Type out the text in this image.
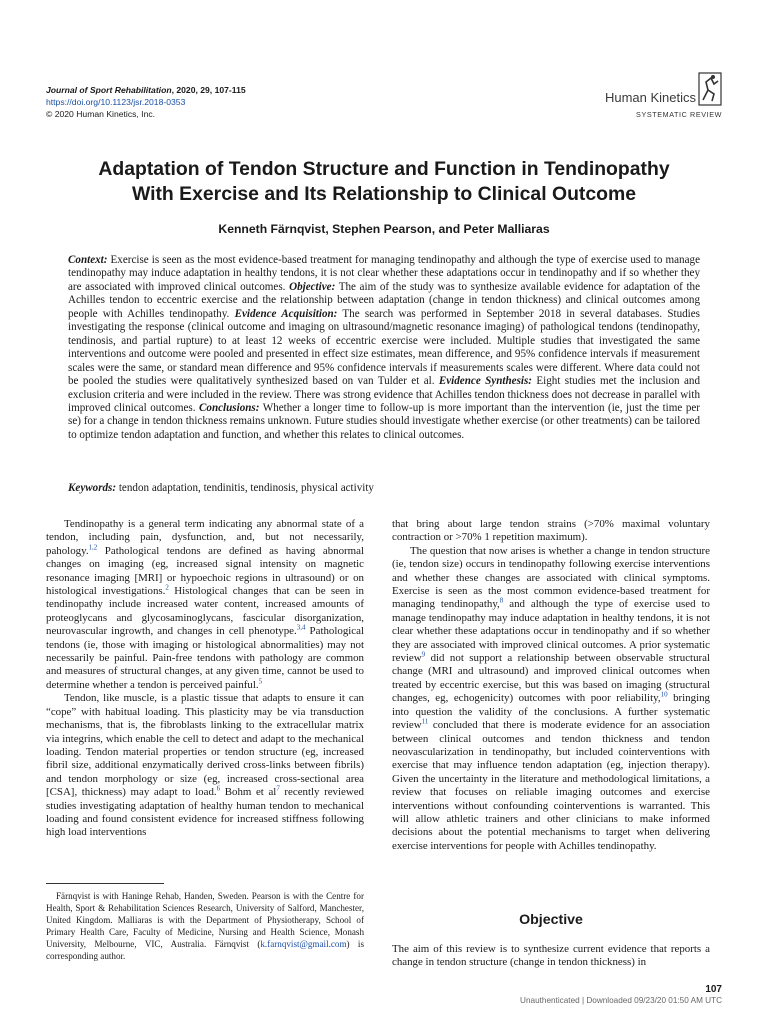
Journal of Sport Rehabilitation, 2020, 29, 107-115
https://doi.org/10.1123/jsr.2018-0353
© 2020 Human Kinetics, Inc.
Human Kinetics
SYSTEMATIC REVIEW
Adaptation of Tendon Structure and Function in Tendinopathy
With Exercise and Its Relationship to Clinical Outcome
Kenneth Färnqvist, Stephen Pearson, and Peter Malliaras
Context: Exercise is seen as the most evidence-based treatment for managing tendinopathy and although the type of exercise used to manage tendinopathy may induce adaptation in healthy tendons, it is not clear whether these adaptations occur in tendinopathy and if so whether they are associated with improved clinical outcomes. Objective: The aim of the study was to synthesize available evidence for adaptation of the Achilles tendon to eccentric exercise and the relationship between adaptation (change in tendon thickness) and clinical outcomes among people with Achilles tendinopathy. Evidence Acquisition: The search was performed in September 2018 in several databases. Studies investigating the response (clinical outcome and imaging on ultrasound/magnetic resonance imaging) of pathological tendons (tendinopathy, tendinosis, and partial rupture) to at least 12 weeks of eccentric exercise were included. Multiple studies that investigated the same interventions and outcome were pooled and presented in effect size estimates, mean difference, and 95% confidence intervals if measurement scales were the same, or standard mean difference and 95% confidence intervals if measurements scales were different. Where data could not be pooled the studies were qualitatively synthesized based on van Tulder et al. Evidence Synthesis: Eight studies met the inclusion and exclusion criteria and were included in the review. There was strong evidence that Achilles tendon thickness does not decrease in parallel with improved clinical outcomes. Conclusions: Whether a longer time to follow-up is more important than the intervention (ie, just the time per se) for a change in tendon thickness remains unknown. Future studies should investigate whether exercise (or other treatments) can be tailored to optimize tendon adaptation and function, and whether this relates to clinical outcomes.
Keywords: tendon adaptation, tendinitis, tendinosis, physical activity

Tendinopathy is a general term indicating any abnormal state of a tendon, including pain, dysfunction, and, but not necessarily, pahology.$^{1,2}$ Pathological tendons are defined as having abnormal changes on imaging (eg, increased signal intensity on magnetic resonance imaging [MRI] or hypoechoic regions in ultrasound) or on histological investigations.$^2$ Histological changes that can be seen in tendinopathy include increased water content, increased amounts of proteoglycans and glycosaminoglycans, fascicular disorganization, neurovascular ingrowth, and changes in cell phenotype.$^{3,4}$ Pathological tendons (ie, those with imaging or histological abnormalities) may not necessarily be painful. Pain-free tendons with pathology are common and measures of structural changes, at any given time, cannot be used to determine whether a tendon is perceived painful.$^5$

Tendon, like muscle, is a plastic tissue that adapts to ensure it can “cope” with habitual loading. This plasticity may be via transduction mechanisms, that is, the fibroblasts linking to the extracellular matrix via integrins, which enable the cell to detect and adapt to the mechanical loading. Tendon material properties or tendon structure (eg, increased fibril size, additional enzymatically derived cross-links between fibrils) and tendon morphology or size (eg, increased cross-sectional area [CSA], thickness) may adapt to load.$^6$ Bohm et al$^7$ recently reviewed studies investigating adaptation of healthy human tendon to mechanical loading and found consistent evidence for increased stiffness following high load interventions

Färnqvist is with Haninge Rehab, Handen, Sweden. Pearson is with the Centre for Health, Sport & Rehabilitation Sciences Research, University of Salford, Manchester, United Kingdom. Malliaras is with the Department of Physiotherapy, School of Primary Health Care, Faculty of Medicine, Nursing and Health Science, Monash University, Melbourne, VIC, Australia. Färnqvist (k.farnqvist@gmail.com) is corresponding author.

that bring about large tendon strains (>70% maximal voluntary contraction or >70% 1 repetition maximum).

The question that now arises is whether a change in tendon structure (ie, tendon size) occurs in tendinopathy following exercise interventions and whether these changes are associated with clinical symptoms. Exercise is seen as the most common evidence-based treatment for managing tendinopathy,$^8$ and although the type of exercise used to manage tendinopathy may induce adaptation in healthy tendons, it is not clear whether these adaptations occur in tendinopathy and if so whether they are associated with improved clinical outcomes. A prior systematic review$^9$ did not support a relationship between observable structural change (MRI and ultrasound) and improved clinical outcomes when treated by eccentric exercise, but this was based on imaging (structural changes, eg, echogenicity) outcomes with poor reliability,$^{10}$ bringing into question the validity of the conclusions. A further systematic review$^{11}$ concluded that there is moderate evidence for an association between clinical outcomes and tendon thickness and tendon neovascularization in tendinopathy, but included cointerventions with exercise that may influence tendon adaptation (eg, injection therapy). Given the uncertainty in the literature and methodological limitations, a review that focuses on reliable imaging outcomes and exercise interventions without confounding cointerventions is warranted. This will allow athletic trainers and other clinicians to make informed decisions about the potential mechanisms to target when delivering exercise interventions for people with Achilles tendinopathy.

Objective

The aim of this review is to synthesize current evidence that reports a change in tendon structure (change in tendon thickness) in

107
Unauthenticated | Downloaded 09/23/20 01:50 AM UTC
